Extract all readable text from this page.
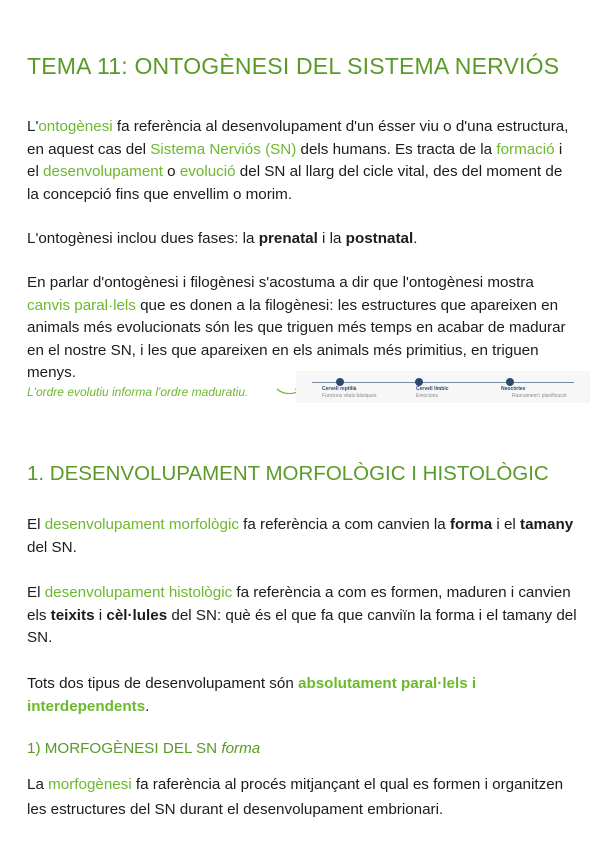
TEMA 11: ONTOGÈNESI DEL SISTEMA NERVIÓS

L'ontogènesi fa referència al desenvolupament d'un ésser viu o d'una estructura, en aquest cas del Sistema Nerviós (SN) dels humans. Es tracta de la formació i el desenvolupament o evolució del SN al llarg del cicle vital, des del moment de la concepció fins que envellim o morim.

L'ontogènesi inclou dues fases: la prenatal i la postnatal.

En parlar d'ontogènesi i filogènesi s'acostuma a dir que l'ontogènesi mostra canvis paral·lels que es donen a la filogènesi: les estructures que apareixen en animals més evolucionats són les que triguen més temps en acabar de madurar en el nostre SN, i les que apareixen en els animals més primitius, en triguen menys.

L'ordre evolutiu informa l'ordre maduratiu.	Cervell reptilià
Funcions vitals bàsiques
Cervell límbic
Emocions
Neocòrtex
Raonament i planificació
1. DESENVOLUPAMENT MORFOLÒGIC I HISTOLÒGIC

El desenvolupament morfològic fa referència a com canvien la forma i el tamany del SN.

El desenvolupament histològic fa referència a com es formen, maduren i canvien els teixits i cèl·lules del SN: què és el que fa que canviïn la forma i el tamany del SN.

Tots dos tipus de desenvolupament són absolutament paral·lels i interdependents.

1) MORFOGÈNESI DEL SN forma

La morfogènesi fa raferència al procés mitjançant el qual es formen i organitzen les estructures del SN durant el desenvolupament embrionari.
